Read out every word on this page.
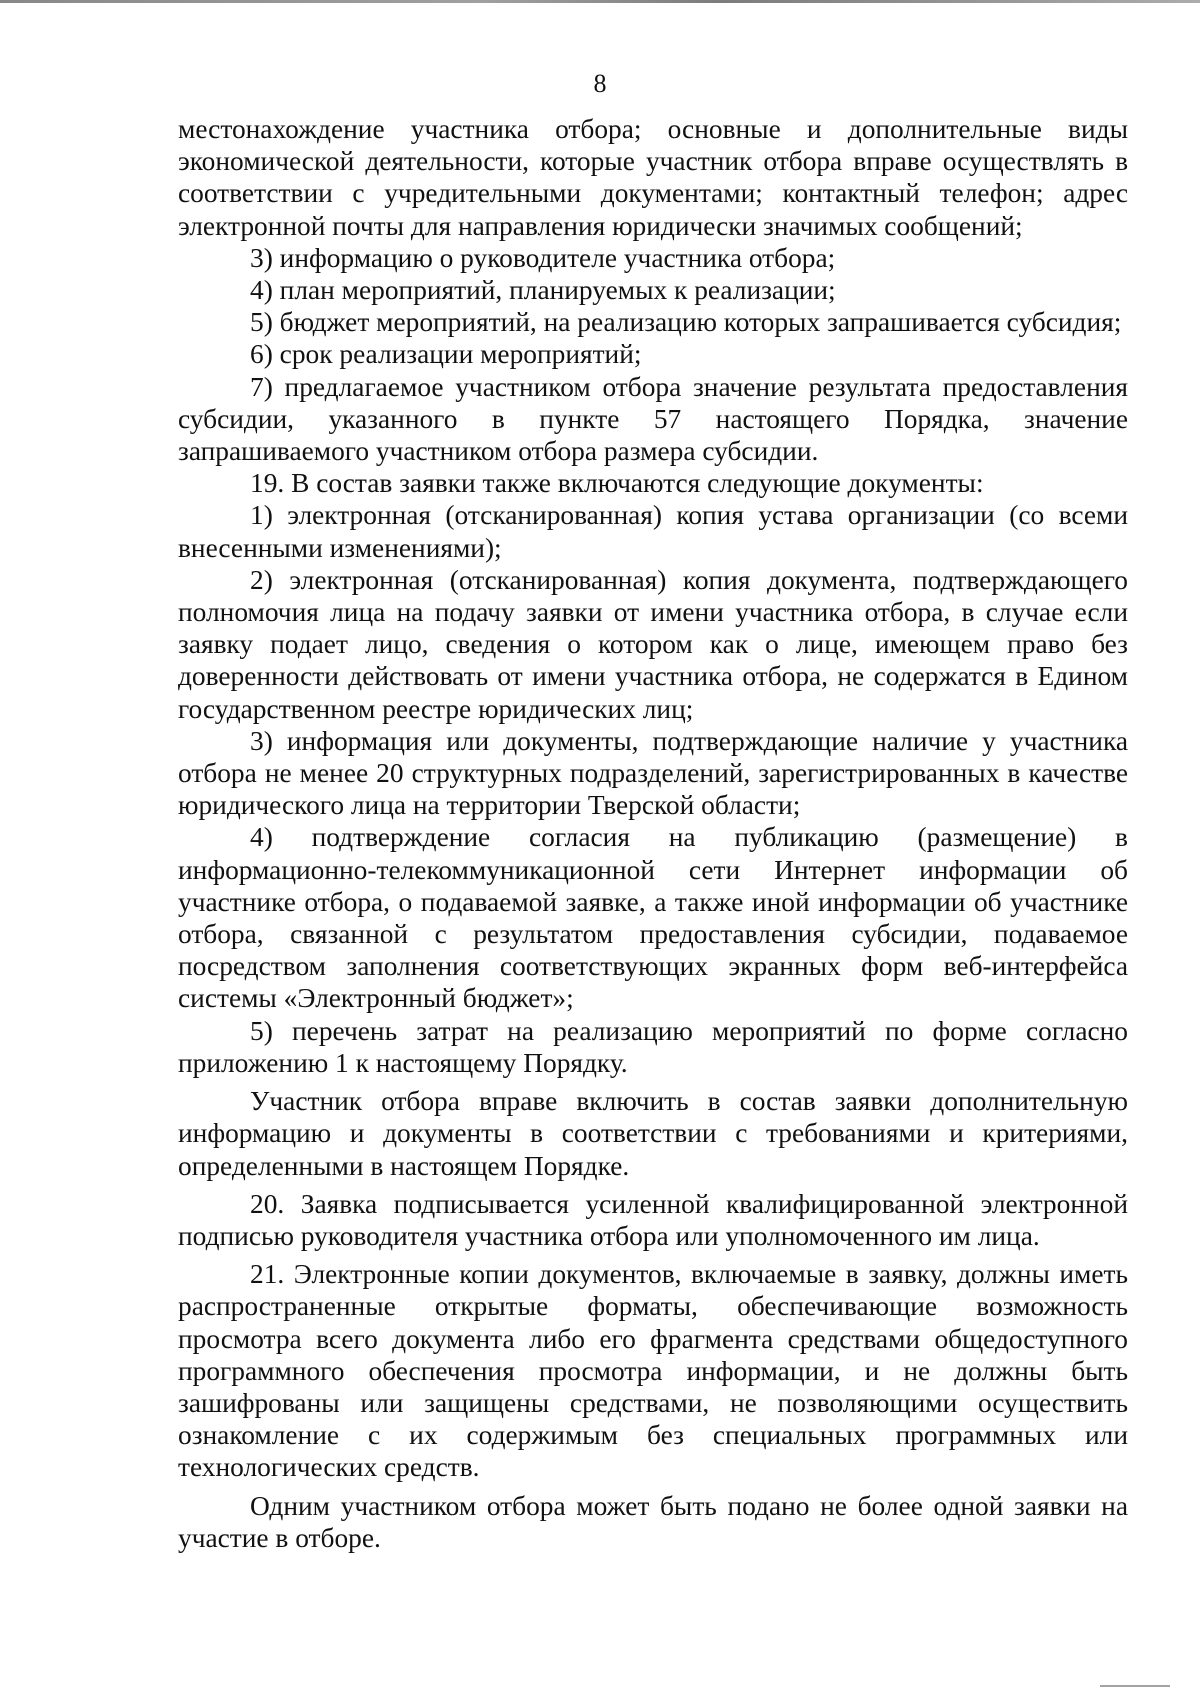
8

местонахождение участника отбора; основные и дополнительные виды экономической деятельности, которые участник отбора вправе осуществлять в соответствии с учредительными документами; контактный телефон; адрес электронной почты для направления юридически значимых сообщений;

3) информацию о руководителе участника отбора;

4) план мероприятий, планируемых к реализации;

5) бюджет мероприятий, на реализацию которых запрашивается субсидия;

6) срок реализации мероприятий;

7) предлагаемое участником отбора значение результата предоставления субсидии, указанного в пункте 57 настоящего Порядка, значение запрашиваемого участником отбора размера субсидии.

19. В состав заявки также включаются следующие документы:

1) электронная (отсканированная) копия устава организации (со всеми внесенными изменениями);

2) электронная (отсканированная) копия документа, подтверждающего полномочия лица на подачу заявки от имени участника отбора, в случае если заявку подает лицо, сведения о котором как о лице, имеющем право без доверенности действовать от имени участника отбора, не содержатся в Едином государственном реестре юридических лиц;

3) информация или документы, подтверждающие наличие у участника отбора не менее 20 структурных подразделений, зарегистрированных в качестве юридического лица на территории Тверской области;

4) подтверждение согласия на публикацию (размещение) в информационно-телекоммуникационной сети Интернет информации об участнике отбора, о подаваемой заявке, а также иной информации об участнике отбора, связанной с результатом предоставления субсидии, подаваемое посредством заполнения соответствующих экранных форм веб-интерфейса системы «Электронный бюджет»;

5) перечень затрат на реализацию мероприятий по форме согласно приложению 1 к настоящему Порядку.

Участник отбора вправе включить в состав заявки дополнительную информацию и документы в соответствии с требованиями и критериями, определенными в настоящем Порядке.

20. Заявка подписывается усиленной квалифицированной электронной подписью руководителя участника отбора или уполномоченного им лица.

21. Электронные копии документов, включаемые в заявку, должны иметь распространенные открытые форматы, обеспечивающие возможность просмотра всего документа либо его фрагмента средствами общедоступного программного обеспечения просмотра информации, и не должны быть зашифрованы или защищены средствами, не позволяющими осуществить ознакомление с их содержимым без специальных программных или технологических средств.

Одним участником отбора может быть подано не более одной заявки на участие в отборе.
